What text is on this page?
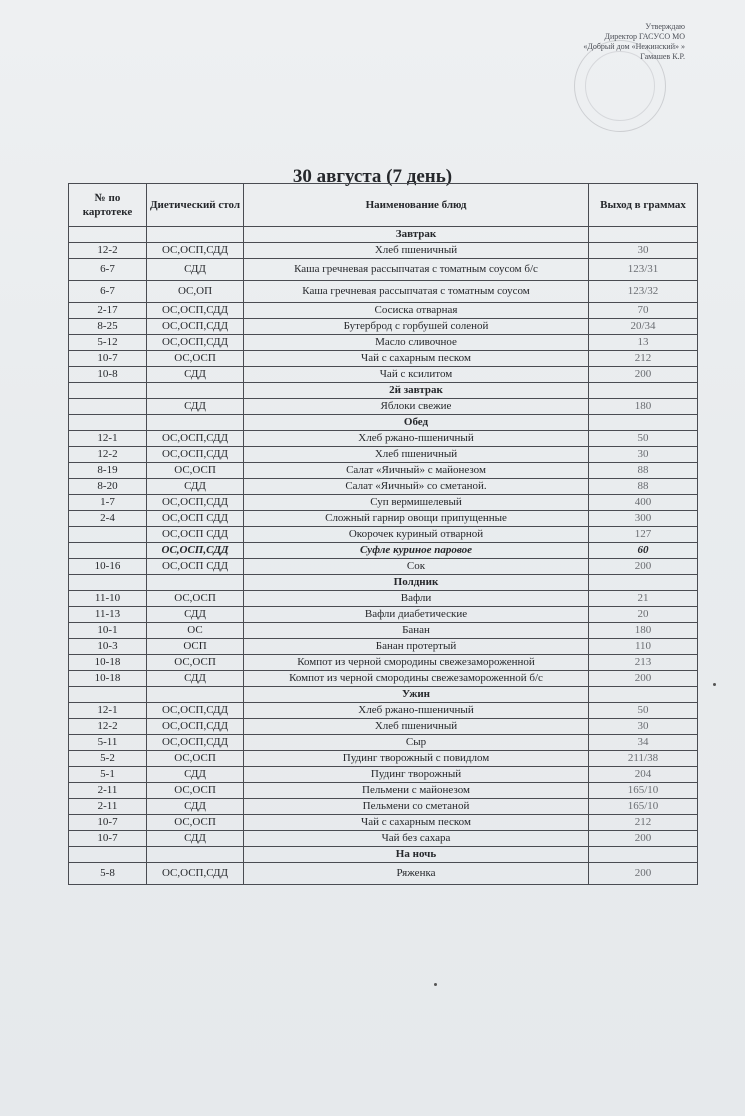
Утверждаю
Директор ГАСУСО МО
«Добрый дом «Нежинский» »
Гамашев К.Р.
30 августа (7 день)
№ по картотеке	Диетический стол	Наименование блюд	Выход в граммах
		Завтрак	
12-2	ОС,ОСП,СДД	Хлеб пшеничный	30
6-7	СДД	Каша гречневая рассыпчатая с томатным соусом б/с	123/31
6-7	ОС,ОП	Каша гречневая рассыпчатая с томатным соусом	123/32
2-17	ОС,ОСП,СДД	Сосиска отварная	70
8-25	ОС,ОСП,СДД	Бутерброд с горбушей соленой	20/34
5-12	ОС,ОСП,СДД	Масло сливочное	13
10-7	ОС,ОСП	Чай с сахарным песком	212
10-8	СДД	Чай с ксилитом	200
		2й завтрак	
	СДД	Яблоки свежие	180
		Обед	
12-1	ОС,ОСП,СДД	Хлеб ржано-пшеничный	50
12-2	ОС,ОСП,СДД	Хлеб пшеничный	30
8-19	ОС,ОСП	Салат «Яичный» с майонезом	88
8-20	СДД	Салат «Яичный» со сметаной.	88
1-7	ОС,ОСП,СДД	Суп вермишелевый	400
2-4	ОС,ОСП СДД	Сложный гарнир овощи припущенные	300
	ОС,ОСП СДД	Окорочек куриный отварной	127
	ОС,ОСП,СДД	Суфле куриное паровое	60
10-16	ОС,ОСП СДД	Сок	200
		Полдник	
11-10	ОС,ОСП	Вафли	21
11-13	СДД	Вафли диабетические	20
10-1	ОС	Банан	180
10-3	ОСП	Банан протертый	110
10-18	ОС,ОСП	Компот из черной смородины свежезамороженной	213
10-18	СДД	Компот из черной смородины свежезамороженной б/с	200
		Ужин	
12-1	ОС,ОСП,СДД	Хлеб ржано-пшеничный	50
12-2	ОС,ОСП,СДД	Хлеб пшеничный	30
5-11	ОС,ОСП,СДД	Сыр	34
5-2	ОС,ОСП	Пудинг творожный с повидлом	211/38
5-1	СДД	Пудинг творожный	204
2-11	ОС,ОСП	Пельмени с майонезом	165/10
2-11	СДД	Пельмени со сметаной	165/10
10-7	ОС,ОСП	Чай с сахарным песком	212
10-7	СДД	Чай без сахара	200
		На ночь	
5-8	ОС,ОСП,СДД	Ряженка	200
